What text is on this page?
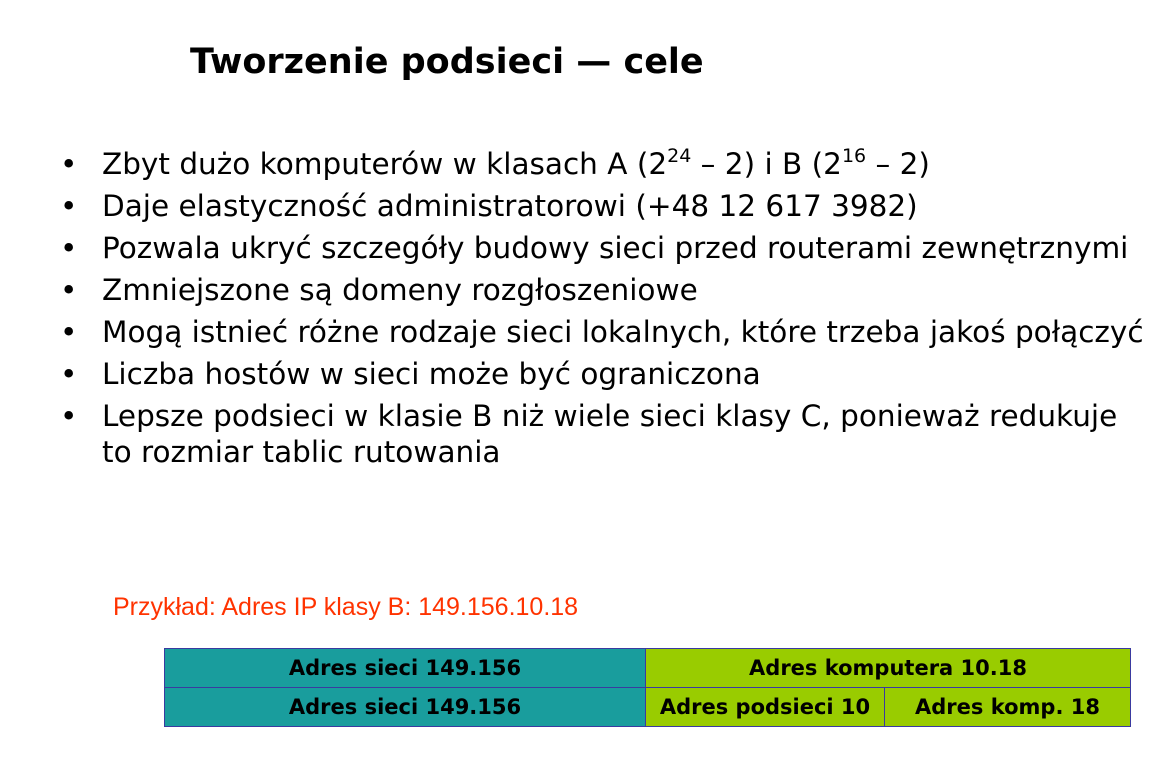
Tworzenie podsieci — cele
• Zbyt dużo komputerów w klasach A $(2^{24} - 2)$ i B $(2^{16} - 2)$
• Daje elastyczność administratorowi (+48 12 617 3982)
• Pozwala ukryć szczegóły budowy sieci przed routerami zewnętrznymi
• Zmniejszone są domeny rozgłoszeniowe
• Mogą istnieć różne rodzaje sieci lokalnych, które trzeba jakoś połączyć
• Liczba hostów w sieci może być ograniczona
• Lepsze podsieci w klasie B niż wiele sieci klasy C, ponieważ redukuje to rozmiar tablic rutowania
Przykład: Adres IP klasy B: 149.156.10.18
Adres sieci 149.156	Adres komputera 10.18	
Adres sieci 149.156	Adres podsieci 10	Adres komp. 18
